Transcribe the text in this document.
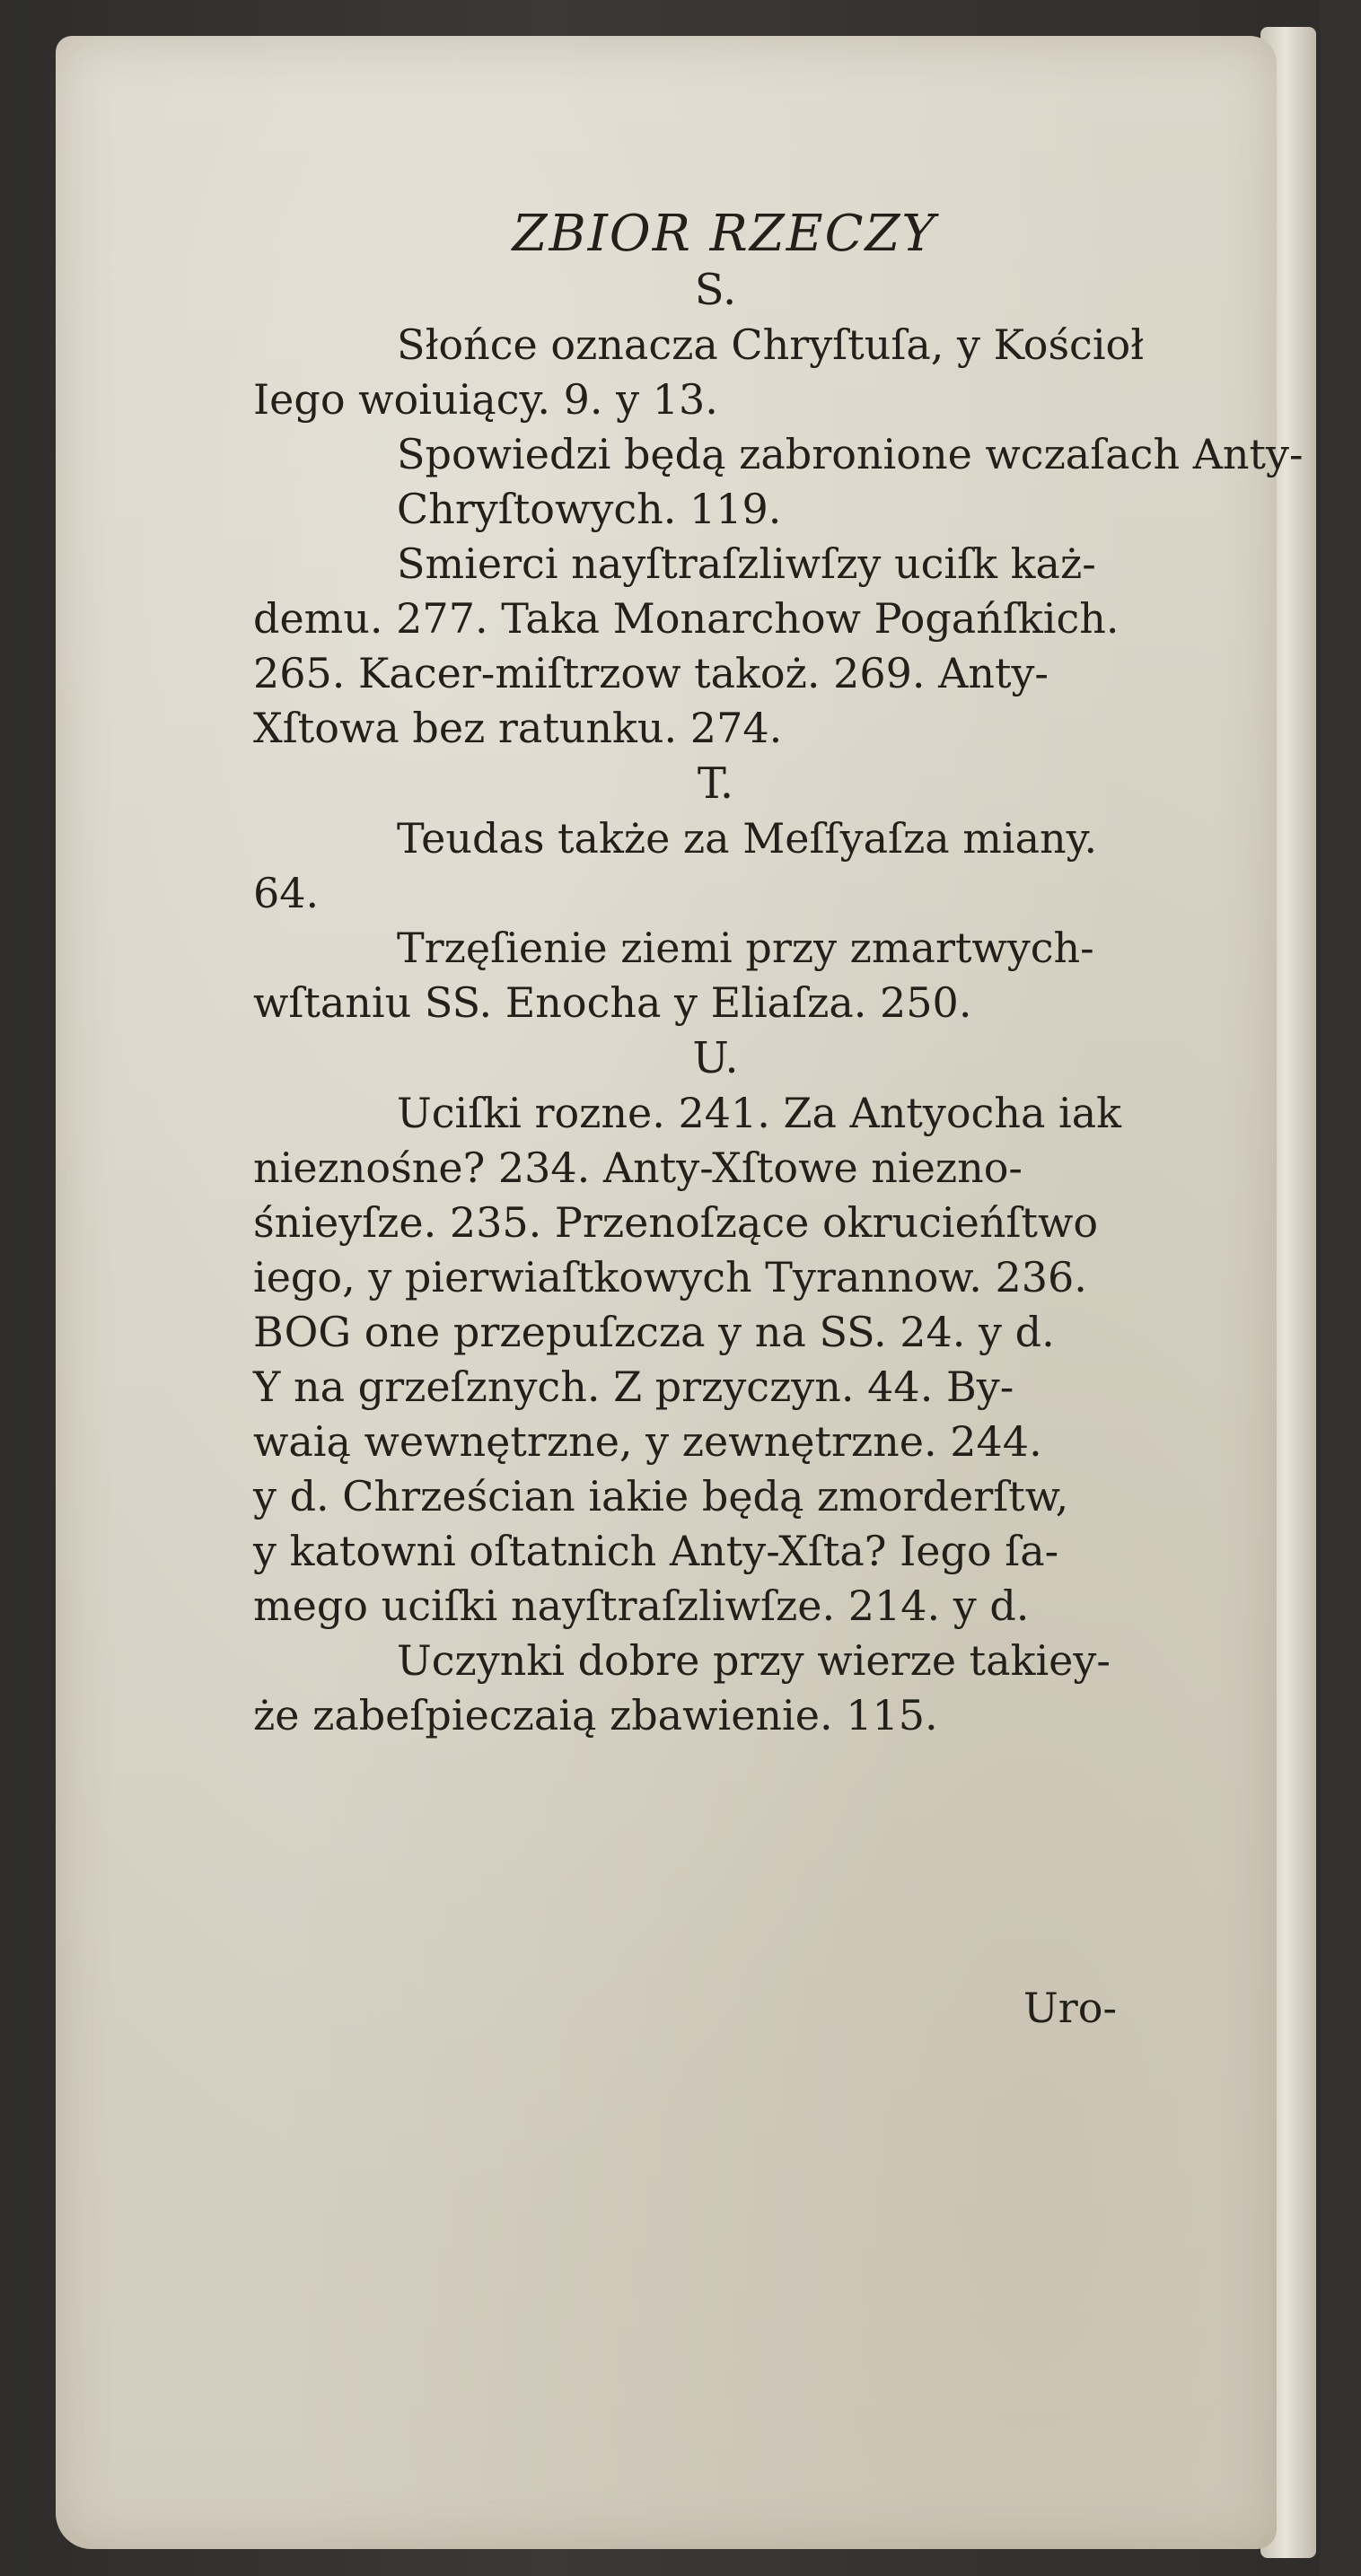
ZBIOR RZECZY
S.
Słońce oznacza Chryſtuſa, y Kościoł
Iego woiuiący. 9. y 13.
Spowiedzi będą zabronione wczaſach Anty-Chryſtowych. 119.
Smierci nayſtraſzliwſzy uciſk każ-
demu. 277. Taka Monarchow Pogańſkich.
265. Kacer-miſtrzow takoż. 269. Anty-
Xſtowa bez ratunku. 274.
T.
Teudas także za Meſſyaſza miany.
64.
Trzęſienie ziemi przy zmartwych-
wſtaniu SS. Enocha y Eliaſza. 250.
U.
Uciſki rozne. 241. Za Antyocha iak
nieznośne? 234. Anty-Xſtowe niezno-
śnieyſze. 235. Przenoſzące okrucieńſtwo
iego, y pierwiaſtkowych Tyrannow. 236.
BOG one przepuſzcza y na SS. 24. y d.
Y na grzeſznych. Z przyczyn. 44. By-
waią wewnętrzne, y zewnętrzne. 244.
y d. Chrześcian iakie będą zmorderſtw,
y katowni oſtatnich Anty-Xſta? Iego ſa-
mego uciſki nayſtraſzliwſze. 214. y d.
Uczynki dobre przy wierze takiey-
że zabeſpieczaią zbawienie. 115.
Uro-
